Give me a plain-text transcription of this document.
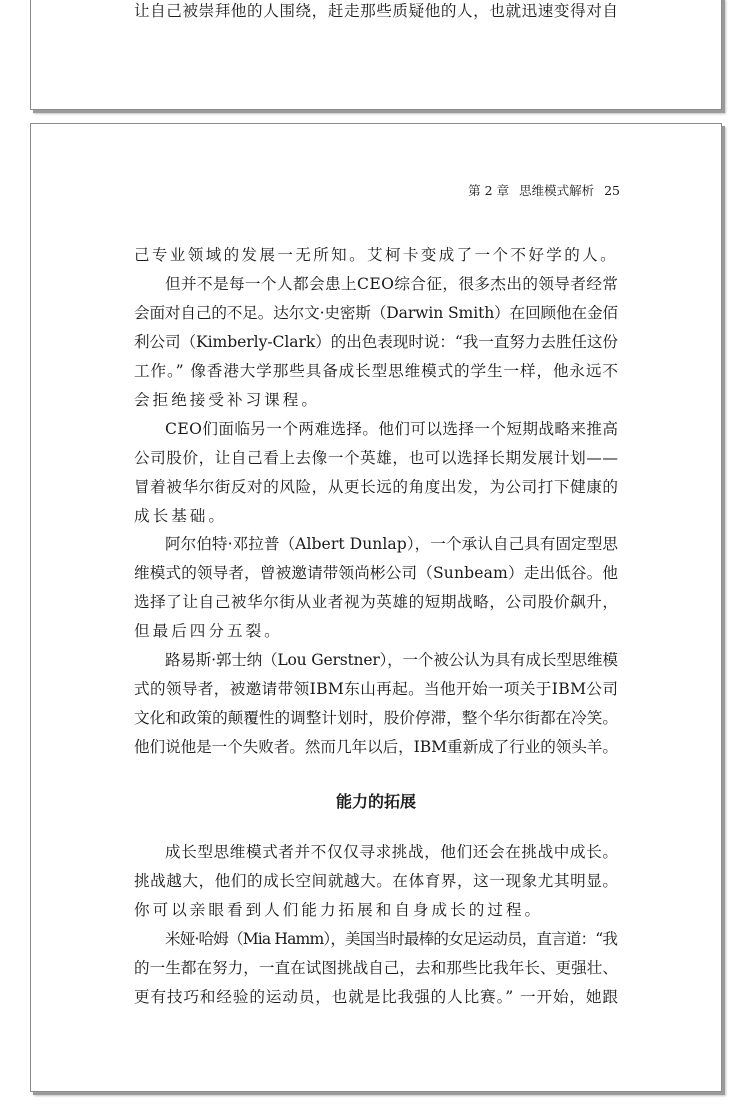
让自己被崇拜他的人围绕，赶走那些质疑他的人，也就迅速变得对自
第 2 章 思维模式解析 25
己专业领域的发展一无所知。艾柯卡变成了一个不好学的人。
但并不是每一个人都会患上CEO综合征，很多杰出的领导者经常
会面对自己的不足。达尔文·史密斯（Darwin Smith）在回顾他在金佰
利公司（Kimberly-Clark）的出色表现时说：“我一直努力去胜任这份
工作。” 像香港大学那些具备成长型思维模式的学生一样，他永远不
会拒绝接受补习课程。
CEO们面临另一个两难选择。他们可以选择一个短期战略来推高
公司股价，让自己看上去像一个英雄，也可以选择长期发展计划——
冒着被华尔街反对的风险，从更长远的角度出发，为公司打下健康的
成长基础。
阿尔伯特·邓拉普（Albert Dunlap），一个承认自己具有固定型思
维模式的领导者，曾被邀请带领尚彬公司（Sunbeam）走出低谷。他
选择了让自己被华尔街从业者视为英雄的短期战略，公司股价飙升，
但最后四分五裂。
路易斯·郭士纳（Lou Gerstner），一个被公认为具有成长型思维模
式的领导者，被邀请带领IBM东山再起。当他开始一项关于IBM公司
文化和政策的颠覆性的调整计划时，股价停滞，整个华尔街都在冷笑。
他们说他是一个失败者。然而几年以后，IBM重新成了行业的领头羊。
能力的拓展
成长型思维模式者并不仅仅寻求挑战，他们还会在挑战中成长。
挑战越大，他们的成长空间就越大。在体育界，这一现象尤其明显。
你可以亲眼看到人们能力拓展和自身成长的过程。
米娅·哈姆（Mia Hamm），美国当时最棒的女足运动员，直言道：“我
的一生都在努力，一直在试图挑战自己，去和那些比我年长、更强壮、
更有技巧和经验的运动员，也就是比我强的人比赛。” 一开始，她跟
